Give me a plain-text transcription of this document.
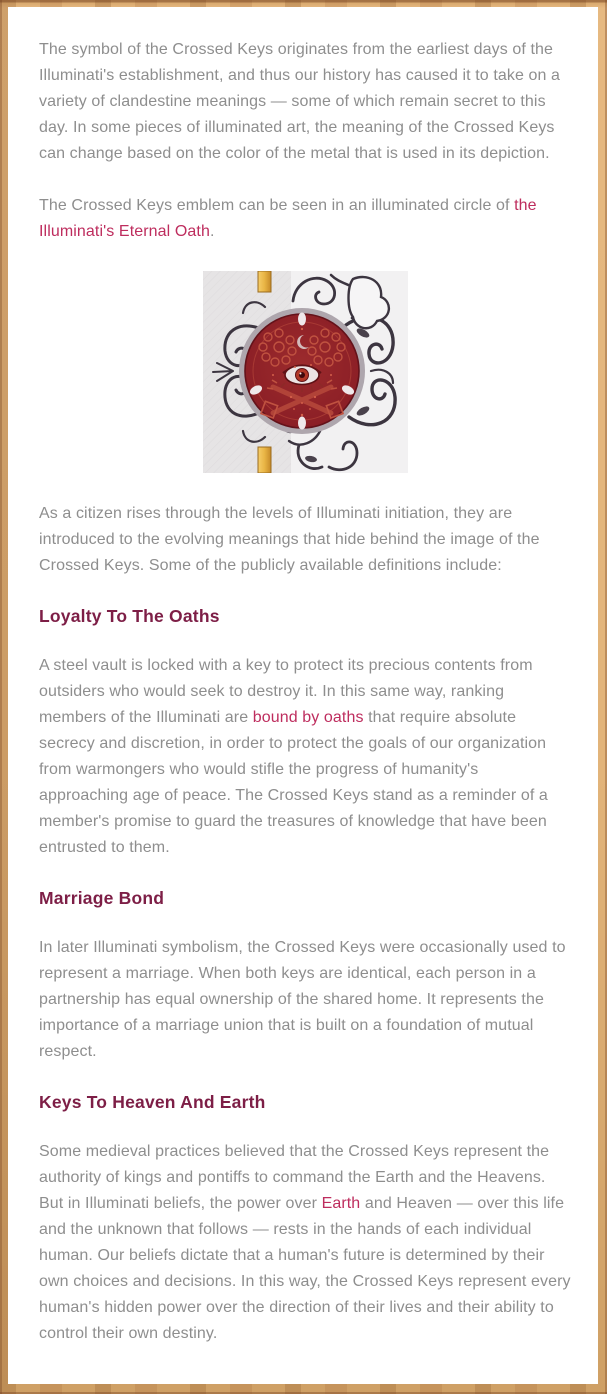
The symbol of the Crossed Keys originates from the earliest days of the Illuminati's establishment, and thus our history has caused it to take on a variety of clandestine meanings — some of which remain secret to this day. In some pieces of illuminated art, the meaning of the Crossed Keys can change based on the color of the metal that is used in its depiction.

The Crossed Keys emblem can be seen in an illuminated circle of the Illuminati's Eternal Oath.

As a citizen rises through the levels of Illuminati initiation, they are introduced to the evolving meanings that hide behind the image of the Crossed Keys. Some of the publicly available definitions include:

Loyalty To The Oaths

A steel vault is locked with a key to protect its precious contents from outsiders who would seek to destroy it. In this same way, ranking members of the Illuminati are bound by oaths that require absolute secrecy and discretion, in order to protect the goals of our organization from warmongers who would stifle the progress of humanity's approaching age of peace. The Crossed Keys stand as a reminder of a member's promise to guard the treasures of knowledge that have been entrusted to them.

Marriage Bond

In later Illuminati symbolism, the Crossed Keys were occasionally used to represent a marriage. When both keys are identical, each person in a partnership has equal ownership of the shared home. It represents the importance of a marriage union that is built on a foundation of mutual respect.

Keys To Heaven And Earth

Some medieval practices believed that the Crossed Keys represent the authority of kings and pontiffs to command the Earth and the Heavens. But in Illuminati beliefs, the power over Earth and Heaven — over this life and the unknown that follows — rests in the hands of each individual human. Our beliefs dictate that a human's future is determined by their own choices and decisions. In this way, the Crossed Keys represent every human's hidden power over the direction of their lives and their ability to control their own destiny.
